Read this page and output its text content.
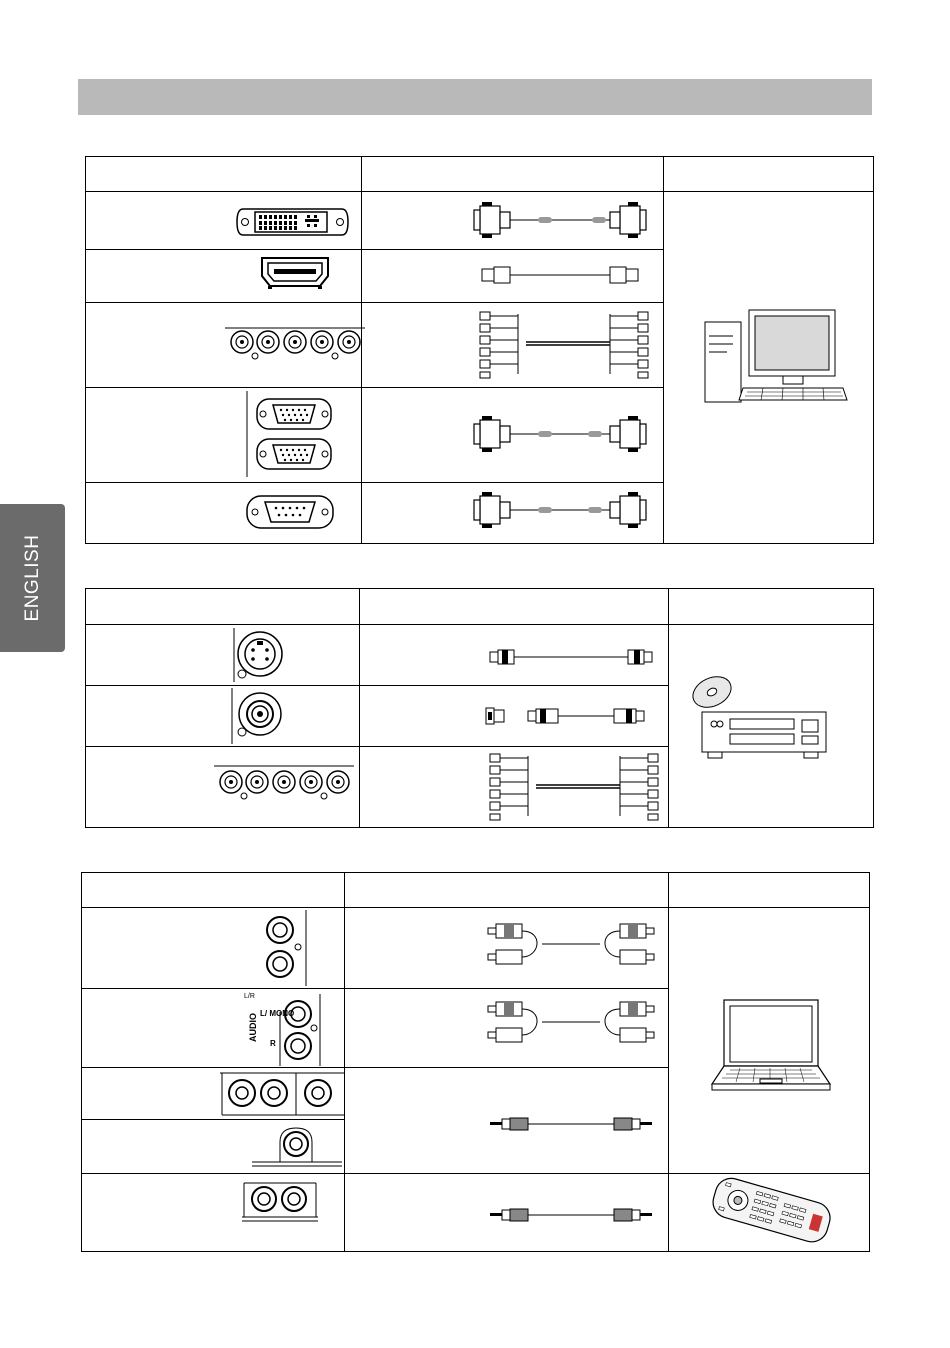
ENGLISH
L/R
AUDIO L/ MONO
R
